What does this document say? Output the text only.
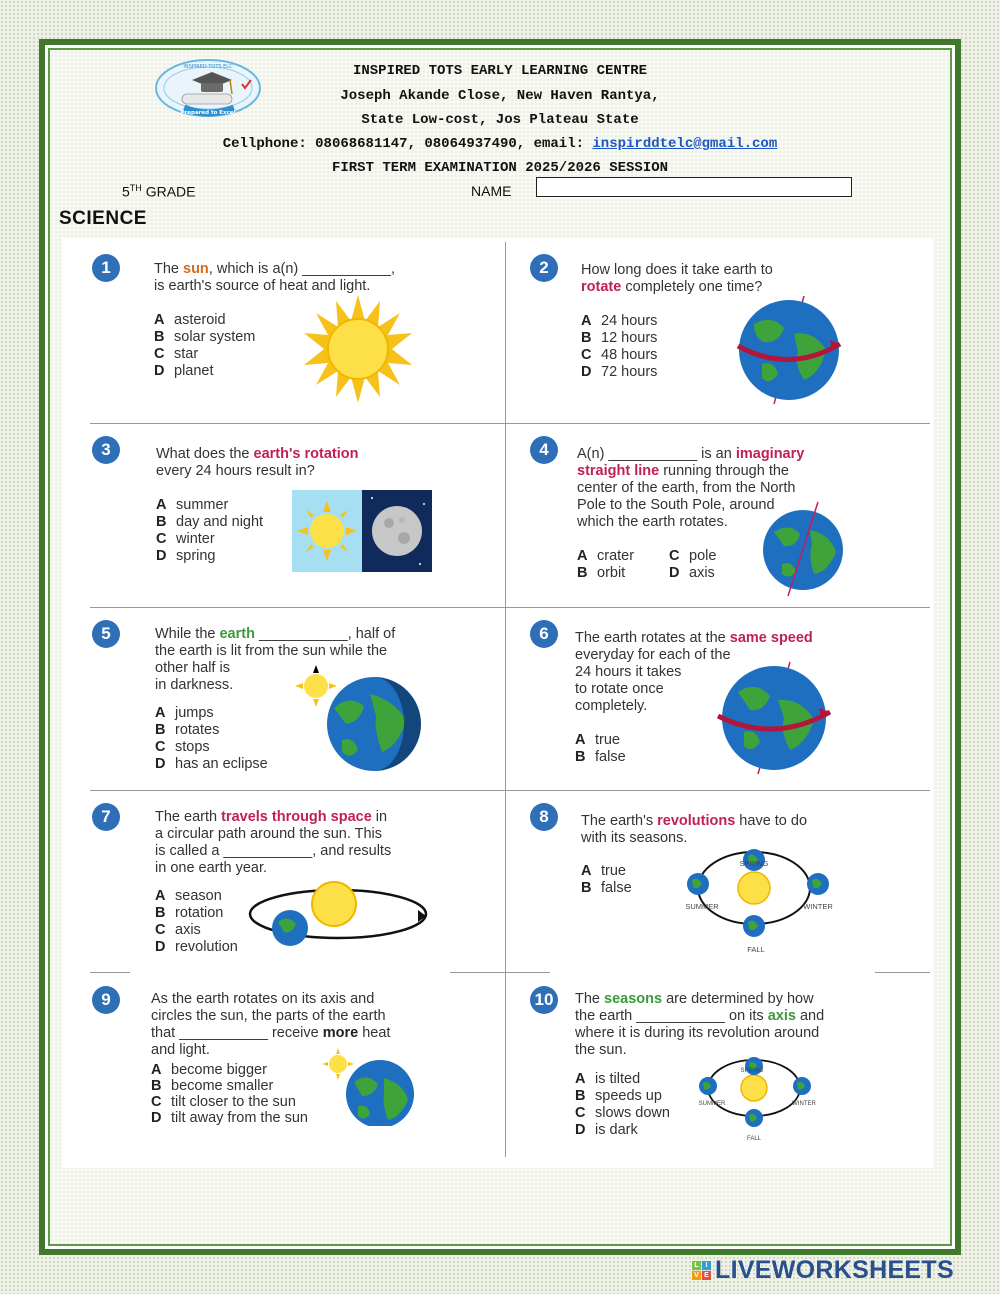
Prepared to Excel
INSPIRED TOTS ELC	INSPIRED TOTS EARLY LEARNING CENTRE
Joseph Akande Close, New Haven Rantya,
State Low-cost, Jos Plateau State
Cellphone: 08068681147, 08064937490, email: inspirddtelc@gmail.com
FIRST TERM EXAMINATION 2025/2026 SESSION
5TH GRADE	NAME
SCIENCE
1	The sun, which is a(n) ___________,
is earth's source of heat and light.
A asteroid
B solar system
C star
D planet
2	How long does it take earth to
rotate completely one time?
A 24 hours
B 12 hours
C 48 hours
D 72 hours
3	What does the earth's rotation
every 24 hours result in?
A summer
B day and night
C winter
D spring
4	A(n) ___________ is an imaginary
straight line running through the
center of the earth, from the North
Pole to the South Pole, around
which the earth rotates.
A crater C pole
B orbit	D axis
5	While the earth ___________, half of
the earth is lit from the sun while the
other half is
in darkness.
A jumps
B rotates
C stops
D has an eclipse
6	The earth rotates at the same speed
everyday for each of the
24 hours it takes
to rotate once
completely.
A true
B false
7	The earth travels through space in
a circular path around the sun. This
is called a ___________, and results
in one earth year.
A season
B rotation
C axis
D revolution
8	The earth's revolutions have to do
with its seasons.
A true
B false
SPRING
SUMMER	WINTER
FALL
9	As the earth rotates on its axis and
circles the sun, the parts of the earth
that ___________ receive more heat
and light.
A become bigger
B become smaller
C tilt closer to the sun
D tilt away from the sun
10	The seasons are determined by how
the earth ___________ on its axis and
where it is during its revolution around
the sun.
A is tilted
B speeds up
C slows down
D is dark
SPRING
SUMMER	WINTER
FALL
L I
V E LIVEWORKSHEETS
